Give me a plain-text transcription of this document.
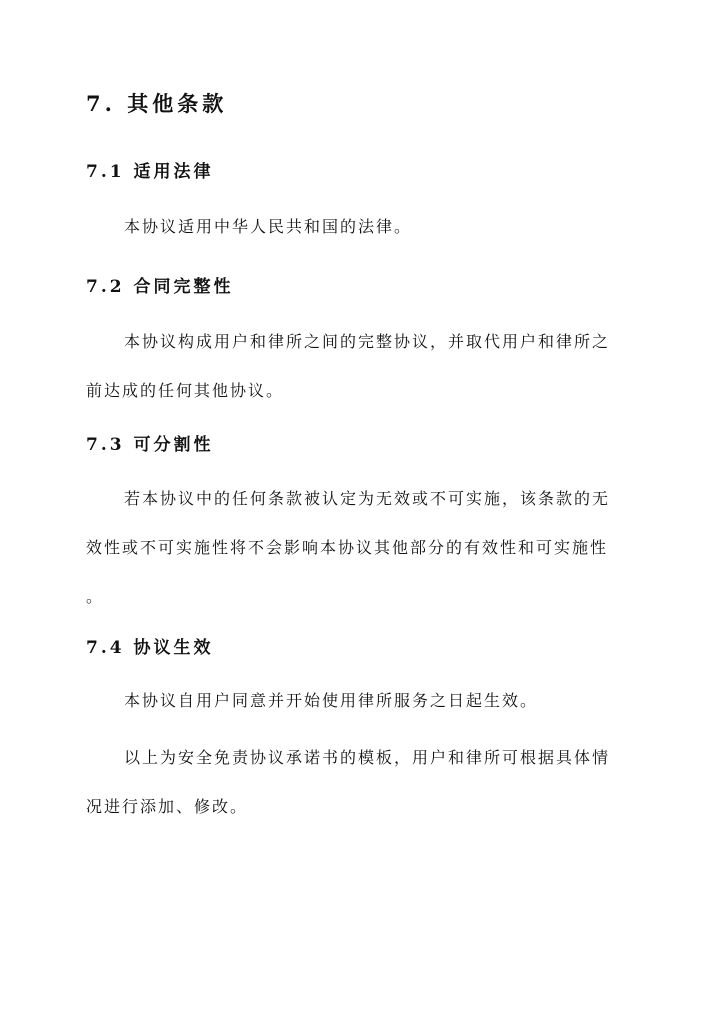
7. 其他条款
7.1 适用法律
本协议适用中华人民共和国的法律。
7.2 合同完整性
本协议构成用户和律所之间的完整协议，并取代用户和律所之
前达成的任何其他协议。
7.3 可分割性
若本协议中的任何条款被认定为无效或不可实施，该条款的无
效性或不可实施性将不会影响本协议其他部分的有效性和可实施性
。
7.4 协议生效
本协议自用户同意并开始使用律所服务之日起生效。
以上为安全免责协议承诺书的模板，用户和律所可根据具体情
况进行添加、修改。
